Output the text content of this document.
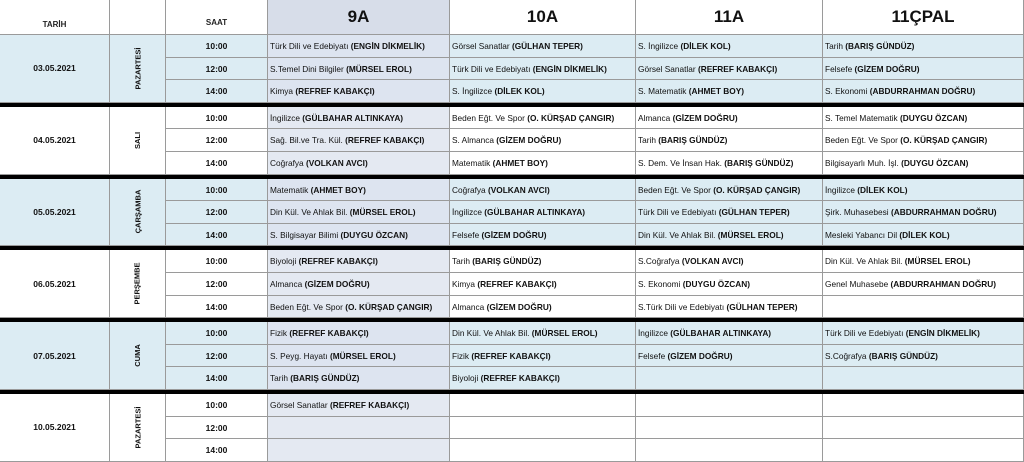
TARİH	SAAT	9A	10A	11A	11ÇPAL
03.05.2021	PAZARTESİ
10:00	Türk Dili ve Edebiyatı (ENGİN DİKMELİK)	Görsel Sanatlar (GÜLHAN TEPER)	S. İngilizce (DİLEK KOL)	Tarih (BARIŞ GÜNDÜZ)
12:00	S.Temel Dini Bilgiler (MÜRSEL EROL)	Türk Dili ve Edebiyatı (ENGİN DİKMELİK)	Görsel Sanatlar (REFREF KABAKÇI)	Felsefe (GİZEM DOĞRU)
14:00	Kimya (REFREF KABAKÇI)	S. İngilizce (DİLEK KOL)	S. Matematik (AHMET BOY)	S. Ekonomi (ABDURRAHMAN DOĞRU)
04.05.2021	SALI
10:00	İngilizce (GÜLBAHAR ALTINKAYA)	Beden Eğt. Ve Spor (O. KÜRŞAD ÇANGIR)	Almanca (GİZEM DOĞRU)	S. Temel Matematik (DUYGU ÖZCAN)
12:00	Sağ. Bil.ve Tra. Kül. (REFREF KABAKÇI)	S. Almanca (GİZEM DOĞRU)	Tarih (BARIŞ GÜNDÜZ)	Beden Eğt. Ve Spor (O. KÜRŞAD ÇANGIR)
14:00	Coğrafya (VOLKAN AVCI)	Matematik (AHMET BOY)	S. Dem. Ve İnsan Hak. (BARIŞ GÜNDÜZ)	Bilgisayarlı Muh. İşl. (DUYGU ÖZCAN)
05.05.2021	ÇARŞAMBA
10:00	Matematik (AHMET BOY)	Coğrafya (VOLKAN AVCI)	Beden Eğt. Ve Spor (O. KÜRŞAD ÇANGIR)	İngilizce (DİLEK KOL)
12:00	Din Kül. Ve Ahlak Bil. (MÜRSEL EROL)	İngilizce (GÜLBAHAR ALTINKAYA)	Türk Dili ve Edebiyatı (GÜLHAN TEPER)	Şirk. Muhasebesi (ABDURRAHMAN DOĞRU)
14:00	S. Bilgisayar Bilimi (DUYGU ÖZCAN)	Felsefe (GİZEM DOĞRU)	Din Kül. Ve Ahlak Bil. (MÜRSEL EROL)	Mesleki Yabancı Dil (DİLEK KOL)
06.05.2021	PERŞEMBE
10:00	Biyoloji (REFREF KABAKÇI)	Tarih (BARIŞ GÜNDÜZ)	S.Coğrafya (VOLKAN AVCI)	Din Kül. Ve Ahlak Bil. (MÜRSEL EROL)
12:00	Almanca (GİZEM DOĞRU)	Kimya (REFREF KABAKÇI)	S. Ekonomi (DUYGU ÖZCAN)	Genel Muhasebe (ABDURRAHMAN DOĞRU)
14:00	Beden Eğt. Ve Spor (O. KÜRŞAD ÇANGIR)	Almanca (GİZEM DOĞRU)	S.Türk Dili ve Edebiyatı (GÜLHAN TEPER)
07.05.2021	CUMA
10:00	Fizik (REFREF KABAKÇI)	Din Kül. Ve Ahlak Bil. (MÜRSEL EROL)	İngilizce (GÜLBAHAR ALTINKAYA)	Türk Dili ve Edebiyatı (ENGİN DİKMELİK)
12:00	S. Peyg. Hayatı (MÜRSEL EROL)	Fizik (REFREF KABAKÇI)	Felsefe (GİZEM DOĞRU)	S.Coğrafya (BARIŞ GÜNDÜZ)
14:00	Tarih (BARIŞ GÜNDÜZ)	Biyoloji (REFREF KABAKÇI)
10.05.2021	PAZARTESİ
10:00	Görsel Sanatlar (REFREF KABAKÇI)
12:00
14:00
